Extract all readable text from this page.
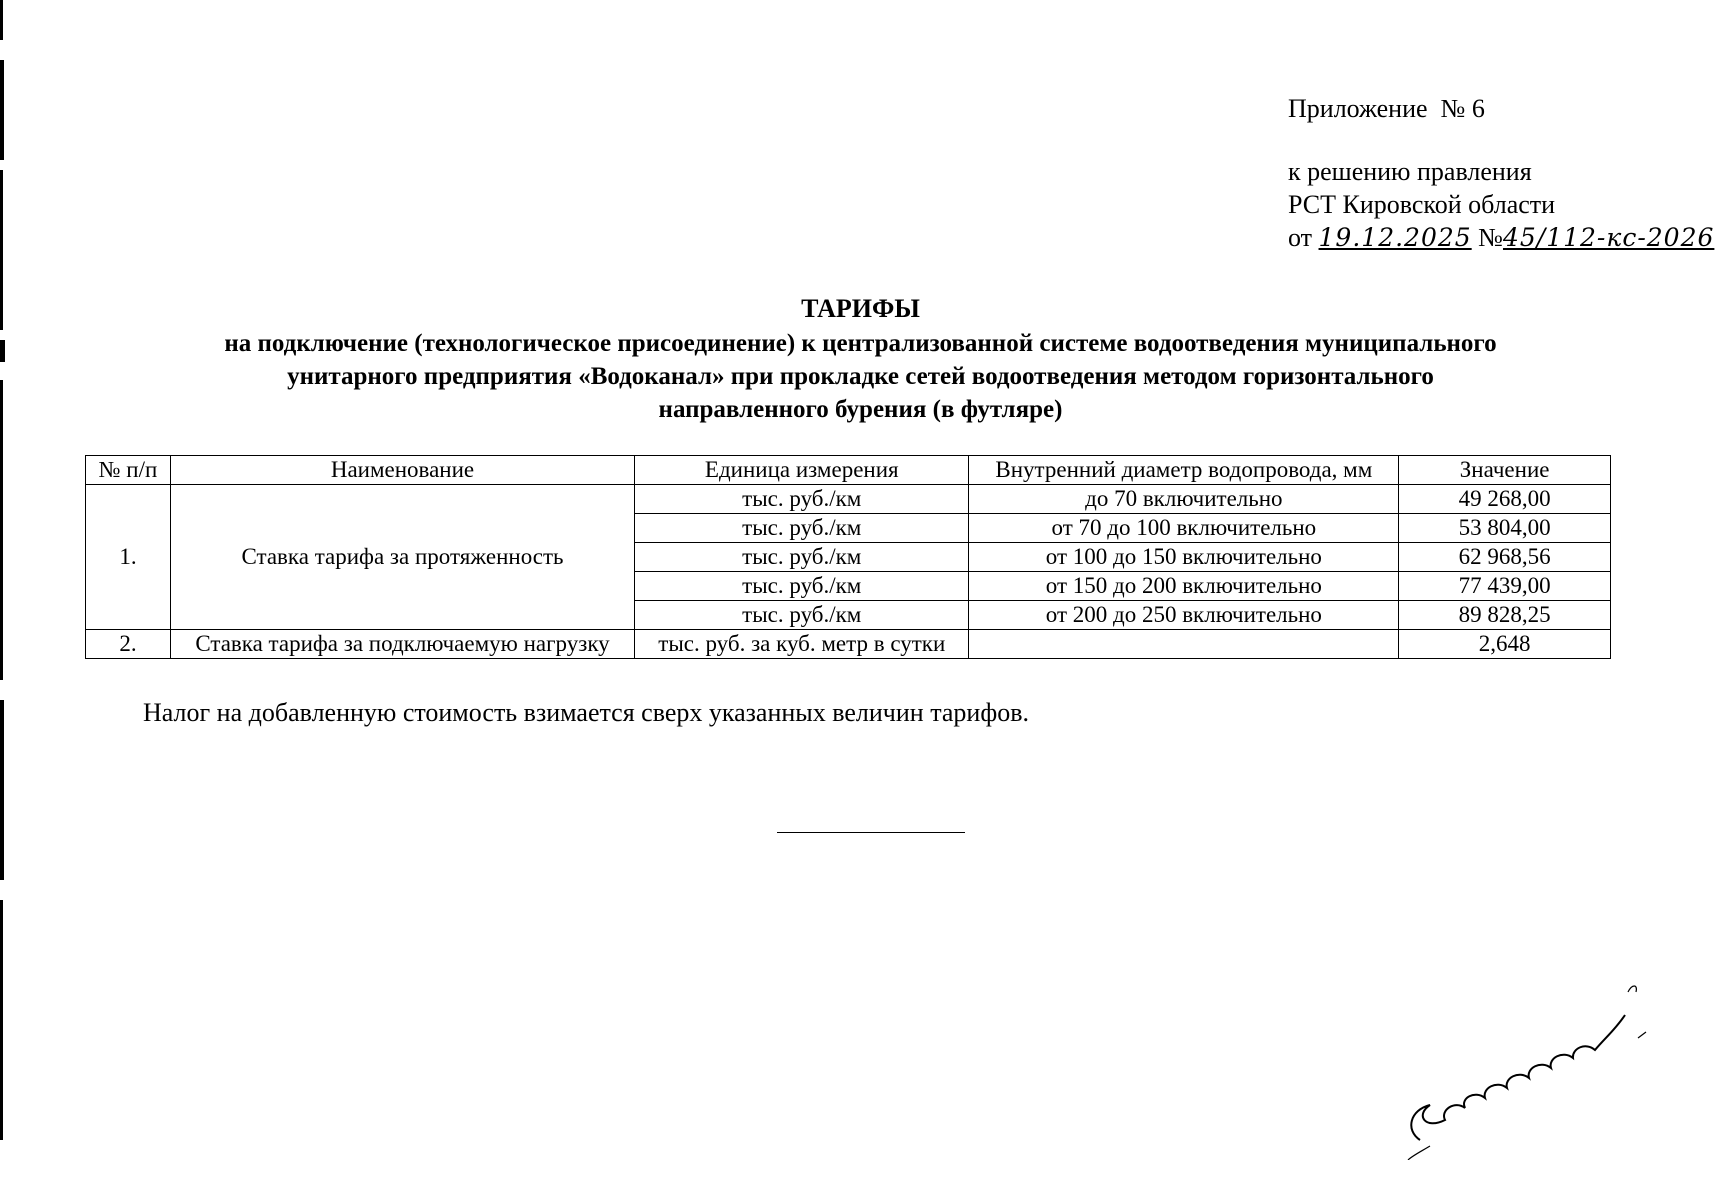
Приложение  № 6
к решению правления
РСТ Кировской области
от 19.12.2025 №45/112-кс-2026
ТАРИФЫ
на подключение (технологическое присоединение) к централизованной системе водоотведения муниципального
унитарного предприятия «Водоканал» при прокладке сетей водоотведения методом горизонтального
направленного бурения (в футляре)
№ п/п	Наименование	Единица измерения	Внутренний диаметр водопровода, мм	Значение
1.	Ставка тарифа за протяженность	тыс. руб./км	до 70 включительно	49 268,00
		тыс. руб./км	от 70 до 100 включительно	53 804,00
		тыс. руб./км	от 100 до 150 включительно	62 968,56
		тыс. руб./км	от 150 до 200 включительно	77 439,00
		тыс. руб./км	от 200 до 250 включительно	89 828,25
2.	Ставка тарифа за подключаемую нагрузку	тыс. руб. за куб. метр в сутки		2,648
Налог на добавленную стоимость взимается сверх указанных величин тарифов.
